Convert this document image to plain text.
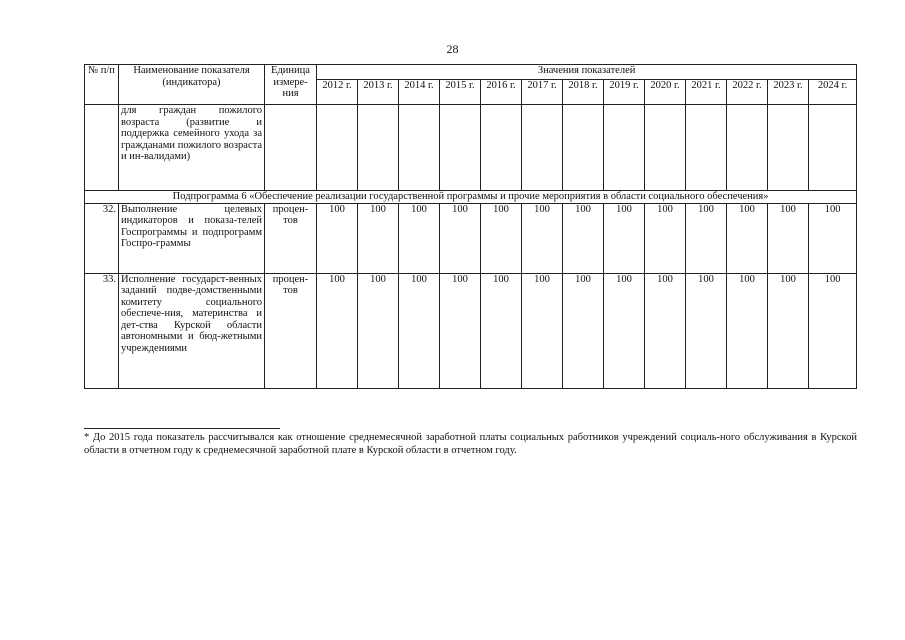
28
№ п/п	Наименование показателя (индикатора)	Единица измере-ния	Значения показателей												
			2012 г.	2013 г.	2014 г.	2015 г.	2016 г.	2017 г.	2018 г.	2019 г.	2020 г.	2021 г.	2022 г.	2023 г.	2024 г.
	для граждан пожилого возраста (развитие и поддержка семейного ухода за гражданами пожилого возраста и ин-валидами)														
Подпрограмма 6 «Обеспечение реализации государственной программы и прочие мероприятия в области социального обеспечения»															
32.	Выполнение целевых индикаторов и показа-телей Госпрограммы и подпрограмм Госпро-граммы	процен-тов	100	100	100	100	100	100	100	100	100	100	100	100	100
33.	Исполнение государст-венных заданий подве-домственными комитету социального обеспече-ния, материнства и дет-ства Курской области автономными и бюд-жетными учреждениями	процен-тов	100	100	100	100	100	100	100	100	100	100	100	100	100
* До 2015 года показатель рассчитывался как отношение среднемесячной заработной платы социальных работников учреждений социаль-ного обслуживания в Курской области в отчетном году к среднемесячной заработной плате в Курской области в отчетном году.
